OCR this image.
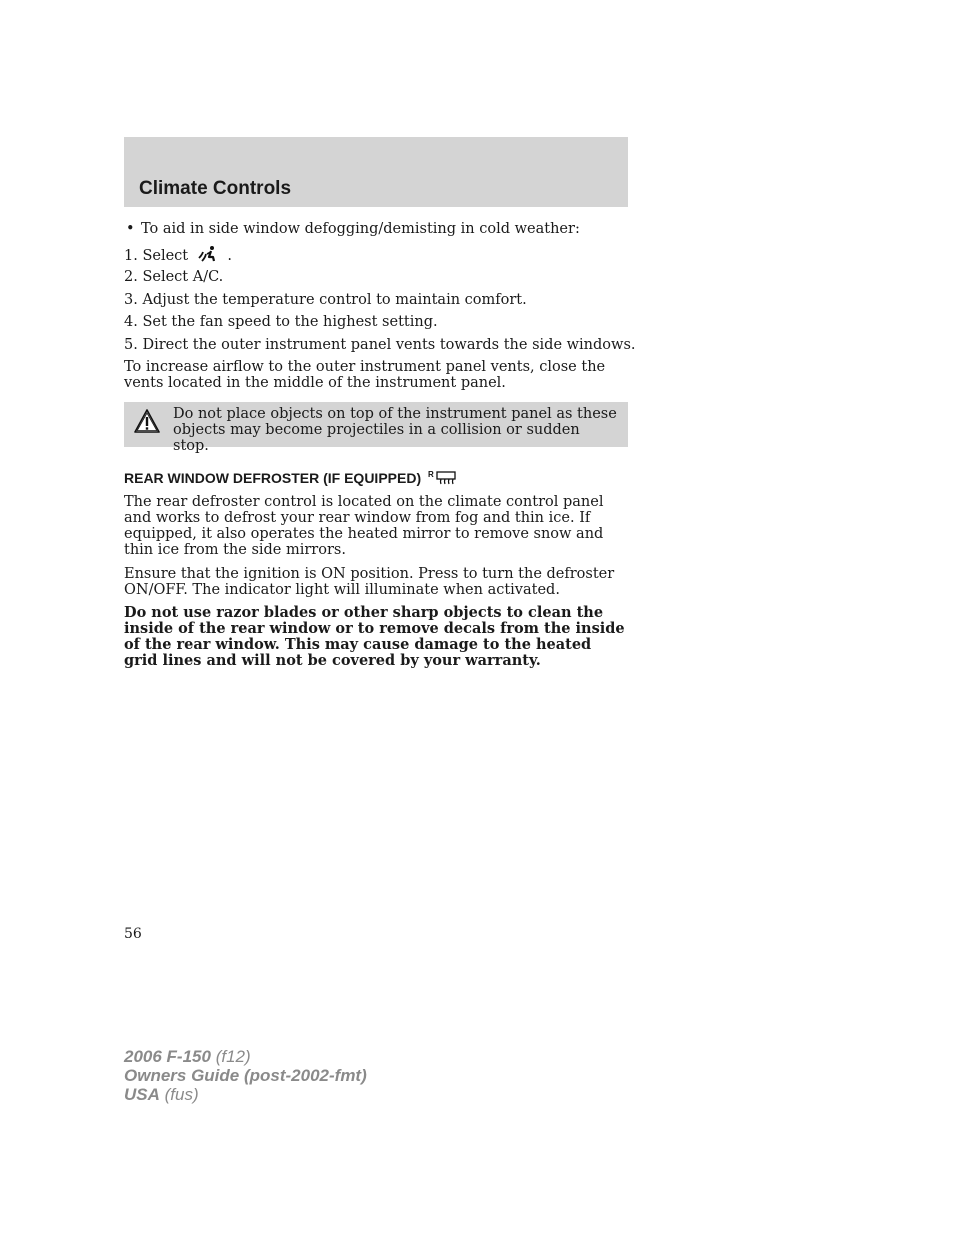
Climate Controls
• To aid in side window defogging/demisting in cold weather:
1. Select	.
2. Select A/C.
3. Adjust the temperature control to maintain comfort.
4. Set the fan speed to the highest setting.
5. Direct the outer instrument panel vents towards the side windows.
To increase airflow to the outer instrument panel vents, close the vents located in the middle of the instrument panel.
Do not place objects on top of the instrument panel as these objects may become projectiles in a collision or sudden stop.
REAR WINDOW DEFROSTER (IF EQUIPPED) R
The rear defroster control is located on the climate control panel and works to defrost your rear window from fog and thin ice. If equipped, it also operates the heated mirror to remove snow and thin ice from the side mirrors.
Ensure that the ignition is ON position. Press to turn the defroster ON/OFF. The indicator light will illuminate when activated.
Do not use razor blades or other sharp objects to clean the inside of the rear window or to remove decals from the inside of the rear window. This may cause damage to the heated grid lines and will not be covered by your warranty.
56
2006 F-150 (f12)
Owners Guide (post-2002-fmt)
USA (fus)
